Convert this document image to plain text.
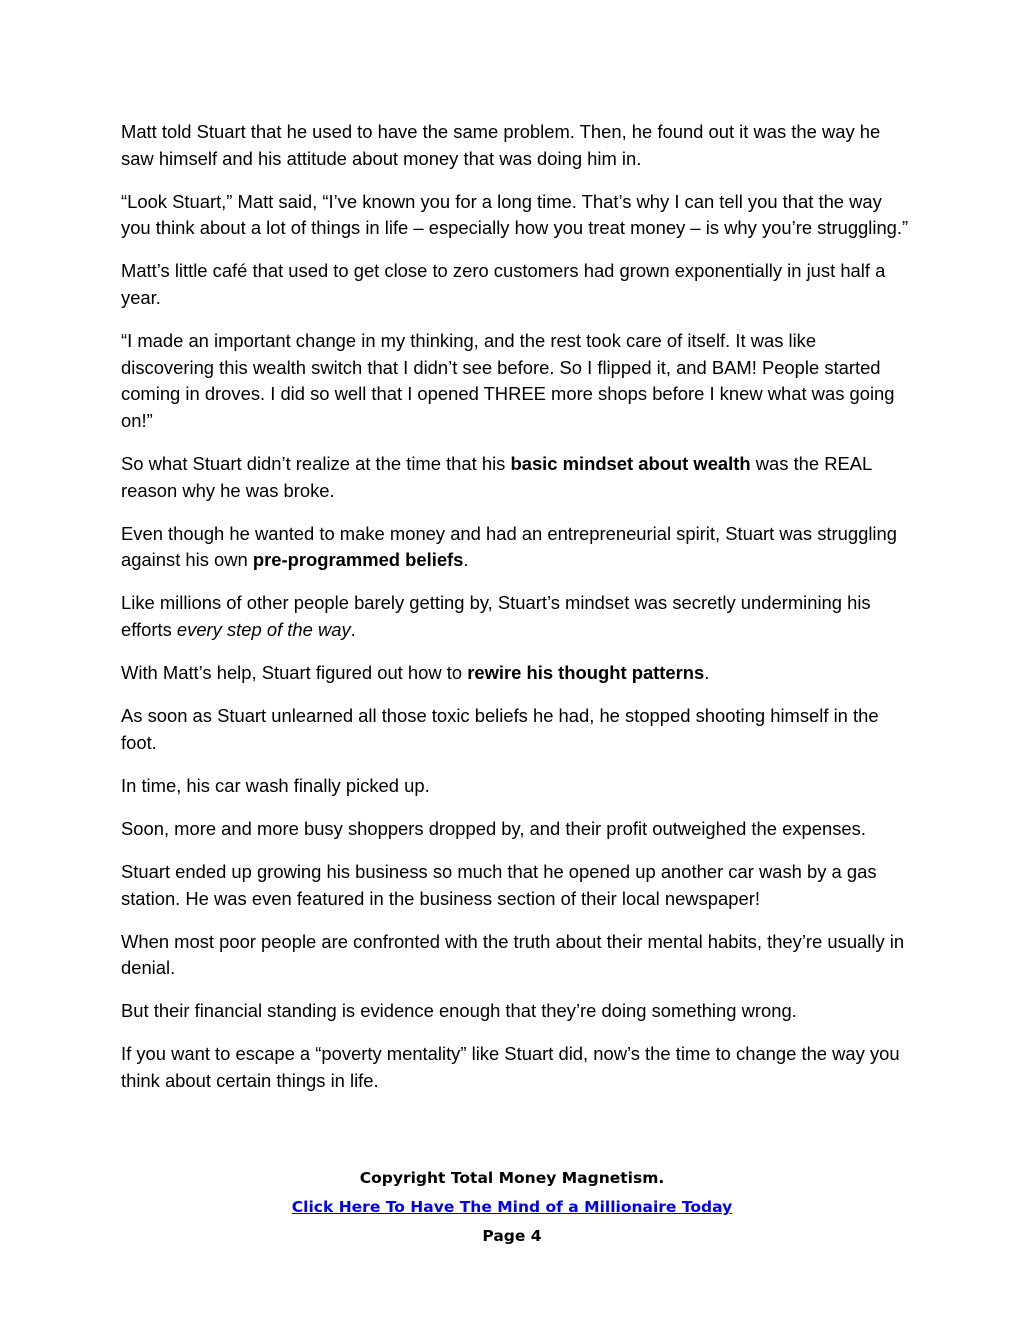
Matt told Stuart that he used to have the same problem. Then, he found out it was the way he saw himself and his attitude about money that was doing him in.

“Look Stuart,” Matt said, “I’ve known you for a long time. That’s why I can tell you that the way you think about a lot of things in life – especially how you treat money – is why you’re struggling.”

Matt’s little café that used to get close to zero customers had grown exponentially in just half a year.

“I made an important change in my thinking, and the rest took care of itself. It was like discovering this wealth switch that I didn’t see before. So I flipped it, and BAM! People started coming in droves. I did so well that I opened THREE more shops before I knew what was going on!”

So what Stuart didn’t realize at the time that his basic mindset about wealth was the REAL reason why he was broke.

Even though he wanted to make money and had an entrepreneurial spirit, Stuart was struggling against his own pre-programmed beliefs.

Like millions of other people barely getting by, Stuart’s mindset was secretly undermining his efforts every step of the way.

With Matt’s help, Stuart figured out how to rewire his thought patterns.

As soon as Stuart unlearned all those toxic beliefs he had, he stopped shooting himself in the foot.

In time, his car wash finally picked up.

Soon, more and more busy shoppers dropped by, and their profit outweighed the expenses.

Stuart ended up growing his business so much that he opened up another car wash by a gas station. He was even featured in the business section of their local newspaper!

When most poor people are confronted with the truth about their mental habits, they’re usually in denial.

But their financial standing is evidence enough that they’re doing something wrong.

If you want to escape a “poverty mentality” like Stuart did, now’s the time to change the way you think about certain things in life.

Copyright Total Money Magnetism.
Click Here To Have The Mind of a Millionaire Today
Page 4
